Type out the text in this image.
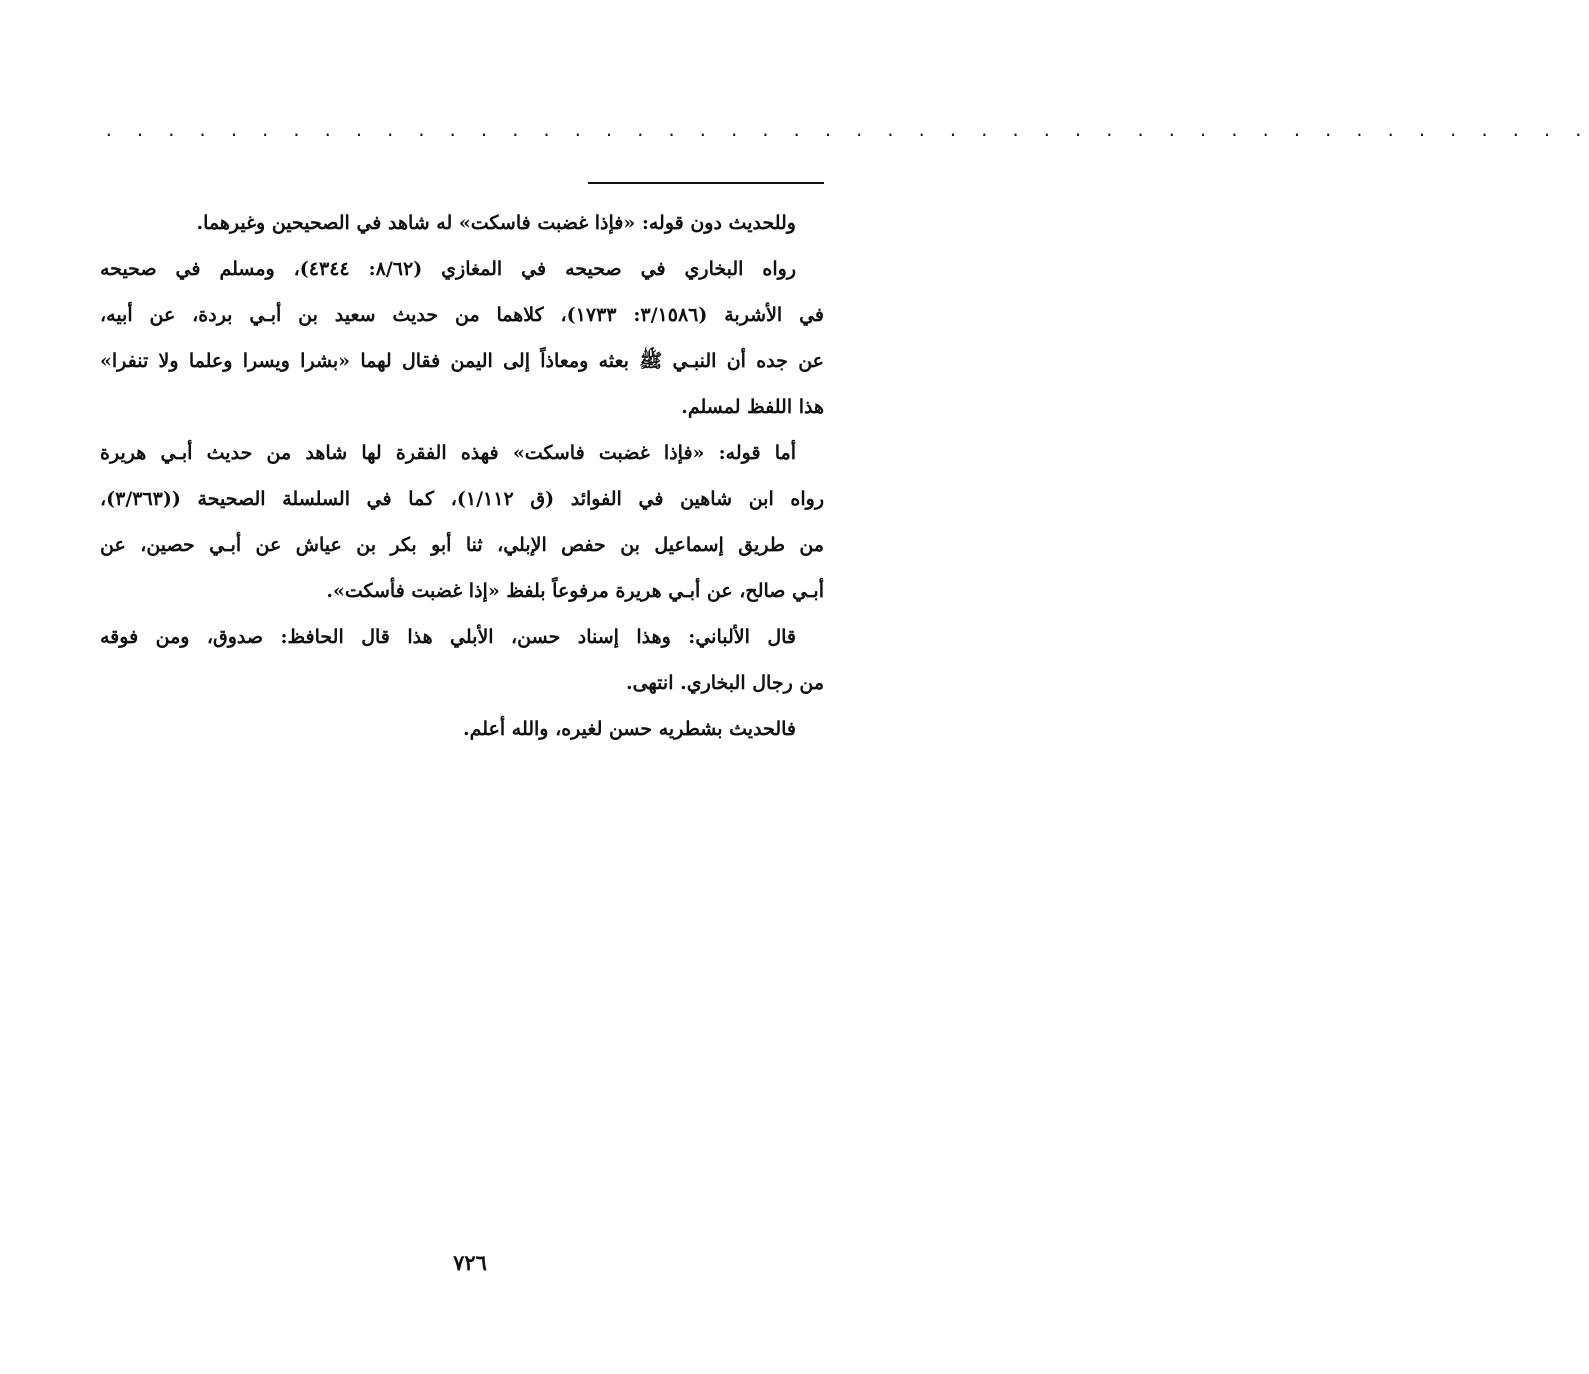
. . . . . . . . . . . . . . . . . . . . . . . . . . . . . . . . . . . . . . . . . . . . . . . .

وللحديث دون قوله: «فإذا غضبت فاسكت» له شاهد في الصحيحين وغيرهما.

رواه البخاري في صحيحه في المغازي (٨/٦٢: ٤٣٤٤)، ومسلم في صحيحه
في الأشربة (٣/١٥٨٦: ١٧٣٣)، كلاهما من حديث سعيد بن أبـي بردة، عن أبيه،
عن جده أن النبـي ﷺ بعثه ومعاذاً إلى اليمن فقال لهما «بشرا ويسرا وعلما ولا تنفرا»
هذا اللفظ لمسلم.

أما قوله: «فإذا غضبت فاسكت» فهذه الفقرة لها شاهد من حديث أبـي هريرة
رواه ابن شاهين في الفوائد (ق ١/١١٢)، كما في السلسلة الصحيحة ((٣/٣٦٣)،
من طريق إسماعيل بن حفص الإبلي، ثنا أبو بكر بن عياش عن أبـي حصين، عن
أبـي صالح، عن أبـي هريرة مرفوعاً بلفظ «إذا غضبت فأسكت».

قال الألباني: وهذا إسناد حسن، الأبلي هذا قال الحافظ: صدوق، ومن فوقه
من رجال البخاري. انتهى.

فالحديث بشطريه حسن لغيره، والله أعلم.

٧٢٦
